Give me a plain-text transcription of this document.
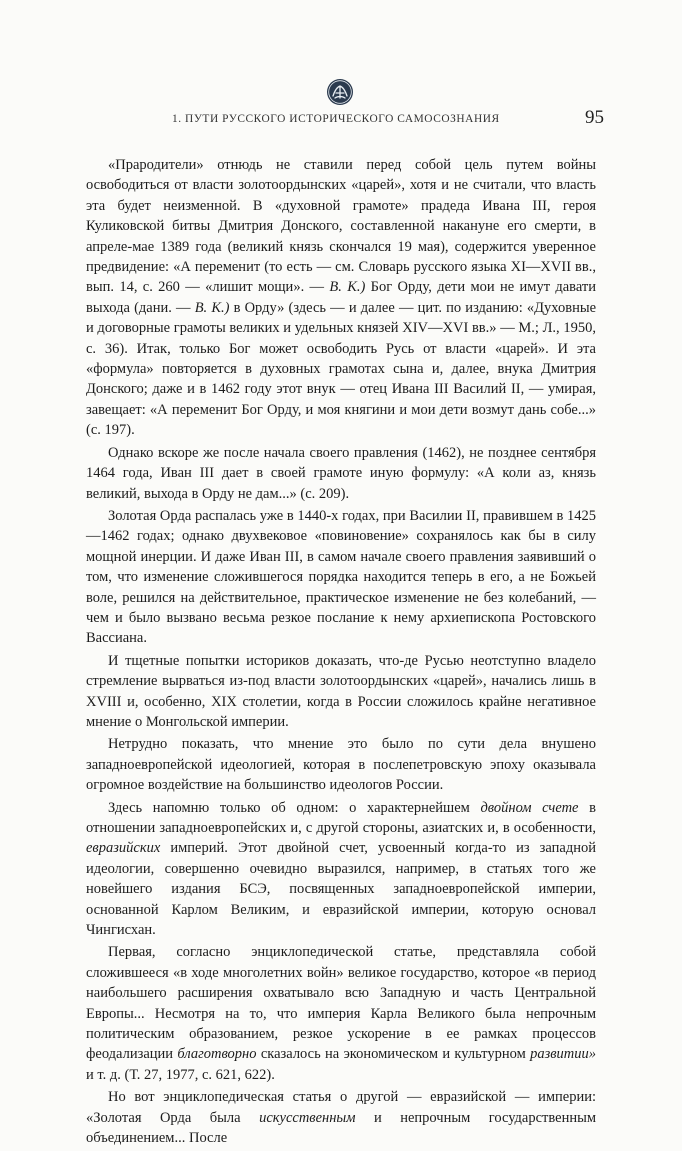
1. ПУТИ РУССКОГО ИСТОРИЧЕСКОГО САМОСОЗНАНИЯ	95

«Прародители» отнюдь не ставили перед собой цель путем войны освободиться от власти золотоордынских «царей», хотя и не считали, что власть эта будет неизменной. В «духовной грамоте» прадеда Ивана III, героя Куликовской битвы Дмитрия Донского, составленной накануне его смерти, в апреле-мае 1389 года (великий князь скончался 19 мая), содержится уверенное предвидение: «А переменит (то есть — см. Словарь русского языка XI—XVII вв., вып. 14, с. 260 — «лишит мощи». — В. К.) Бог Орду, дети мои не имут давати выхода (дани. — В. К.) в Орду» (здесь — и далее — цит. по изданию: «Духовные и договорные грамоты великих и удельных князей XIV—XVI вв.» — М.; Л., 1950, с. 36). Итак, только Бог может освободить Русь от власти «царей». И эта «формула» повторяется в духовных грамотах сына и, далее, внука Дмитрия Донского; даже и в 1462 году этот внук — отец Ивана III Василий II, — умирая, завещает: «А переменит Бог Орду, и моя княгини и мои дети возмут дань собе...» (с. 197).

Однако вскоре же после начала своего правления (1462), не позднее сентября 1464 года, Иван III дает в своей грамоте иную формулу: «А коли аз, князь великий, выхода в Орду не дам...» (с. 209).

Золотая Орда распалась уже в 1440-х годах, при Василии II, правившем в 1425—1462 годах; однако двухвековое «повиновение» сохранялось как бы в силу мощной инерции. И даже Иван III, в самом начале своего правления заявивший о том, что изменение сложившегося порядка находится теперь в его, а не Божьей воле, решился на действительное, практическое изменение не без колебаний, — чем и было вызвано весьма резкое послание к нему архиепископа Ростовского Вассиана.

И тщетные попытки историков доказать, что-де Русью неотступно владело стремление вырваться из-под власти золотоордынских «царей», начались лишь в XVIII и, особенно, XIX столетии, когда в России сложилось крайне негативное мнение о Монгольской империи.

Нетрудно показать, что мнение это было по сути дела внушено западноевропейской идеологией, которая в послепетровскую эпоху оказывала огромное воздействие на большинство идеологов России.

Здесь напомню только об одном: о характернейшем двойном счете в отношении западноевропейских и, с другой стороны, азиатских и, в особенности, евразийских империй. Этот двойной счет, усвоенный когда-то из западной идеологии, совершенно очевидно выразился, например, в статьях того же новейшего издания БСЭ, посвященных западноевропейской империи, основанной Карлом Великим, и евразийской империи, которую основал Чингисхан.

Первая, согласно энциклопедической статье, представляла собой сложившееся «в ходе многолетних войн» великое государство, которое «в период наибольшего расширения охватывало всю Западную и часть Центральной Европы... Несмотря на то, что империя Карла Великого была непрочным политическим образованием, резкое ускорение в ее рамках процессов феодализации благотворно сказалось на экономическом и культурном развитии» и т. д. (Т. 27, 1977, с. 621, 622).

Но вот энциклопедическая статья о другой — евразийской — империи: «Золотая Орда была искусственным и непрочным государственным объединением... После
